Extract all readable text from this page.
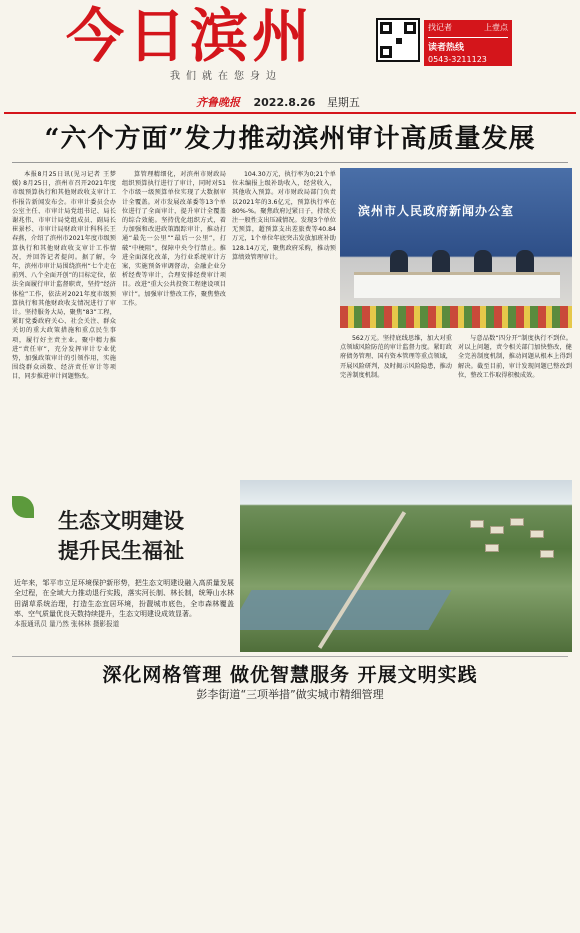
今日滨州
我们就在您身边
找记者	上壹点
读者热线
0543-3211123
齐鲁晚报 2022.8.26 星期五
“六个方面”发力推动滨州审计高质量发展

本报8月25日讯(见习记者 王梦媛) 8月25日，滨州市召开2021年度市级预算执行和其他财政收支审计工作报告新闻发布会。市审计委员会办公室主任、市审计局党组书记、局长谢兆伟、市审计局党组成员、副局长崔景杉、市审计局财政审计科科长王春燕，介绍了滨州市2021年度市级预算执行和其他财政收支审计工作情况，并回答记者提问。据了解，今年，滨州市审计局围绕滨州“七个走在前列、八个全面开创”的目标定位，依法全面履行审计监督职责，坚持“经济体检”工作，依法对2021年度市级预算执行和其他财政收支情况进行了审计。坚持服务大局，聚焦“83”工程，紧盯党委政府关心、社会关注、群众关切的重大政策措施和重点民生事项，履行好主责主业。聚中精力推进“责任审”，充分发挥审计专业优势，加强政策审计的引领作用，实施围绕群众函数、经济责任审计等项目，同步推进审计问题整改。

算管理精细化，对滨州市财政局组织预算执行进行了审计，同时对51个市级一级预算单位实现了大数据审计全覆盖。对市发展改革委等13个单位进行了全面审计，提升审计全覆盖的综合效能。坚持优化组织方式，着力加强和改进政策跟踪审计，推动打通“最先一公里”“最后一公里”，打破“中梗阻”，保障中央令行禁止。推进全面深化改革，为行业系统审计方案，实施预备审调督动，金融企业分析经费等审计，合理安排经费审计项目。改进“重大公共投资工程建设项目审计”。加强审计整改工作，聚焦整改工作。

104.30万元，执行率为0;21个单位未编报上级补助收入，经营收入，其他收入预算。对市财政局部门负责以2021年的3.6亿元，预算执行率在80%-%。聚焦政府过紧日子，持续关注一般性支出压减情况。发现3个单位无预算，超预算支出差旅费等40.84万元，1个单位年底突击发放加班补助128.14万元，聚焦政府采购，推动预算绩效管理审计。

滨州市人民政府新闻办公室

562万元。坚持底线思维，加大对重点领域风险防范的审计监督力度。紧盯政府债务管理、国有资本管理等重点领域，开展风险研判，及时揭示风险隐患，推动完善制度机制。

与意品数“四分开”制度执行不到位。对以上问题，责令相关部门加快整改，健全完善制度机制，推动问题从根本上得到解决。截至目前，审计发现问题已整改到位，整改工作取得积极成效。

生态文明建设
提升民生福祉

近年来，邹平市立足环境保护新形势，把生态文明建设融入高质量发展全过程，在全域大力推动退行实践，落实河长制、林长制，统筹山水林田湖草系统治理，打造生态宜居环境，扮靓城市底色，全市森林覆盖率、空气质量优良天数持续提升，生态文明建设成效显著。

本报通讯员 量乃然 张林林 摄影报道

深化网格管理 做优智慧服务 开展文明实践
彭李街道“三项举措”做实城市精细管理
